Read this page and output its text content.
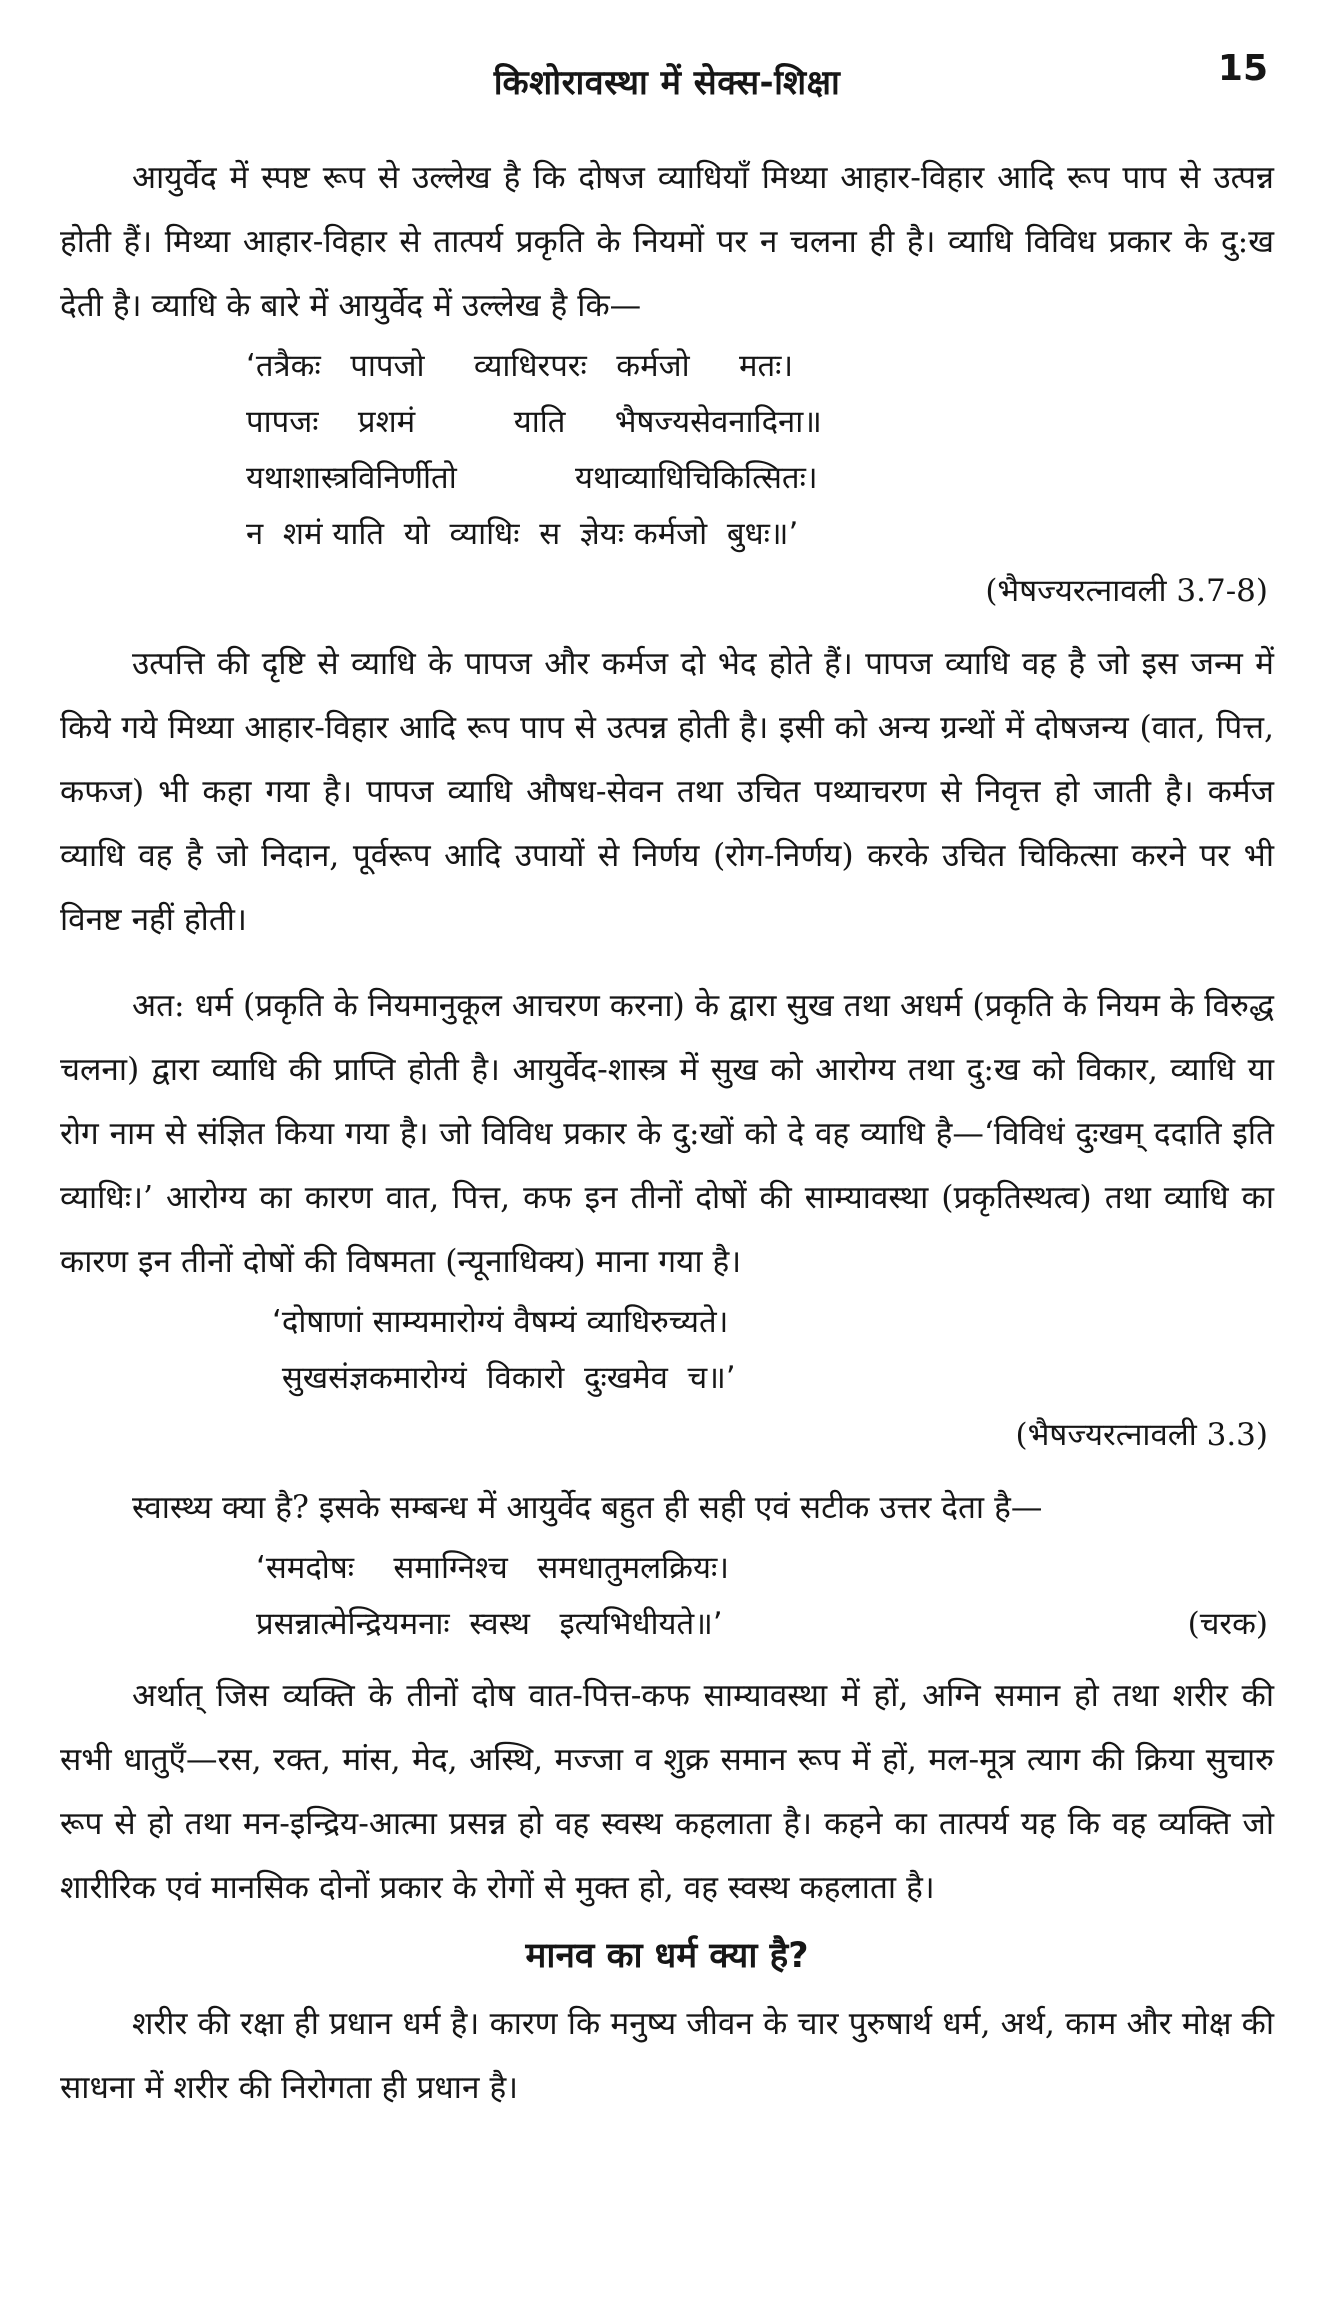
किशोरावस्था में सेक्स-शिक्षा	15

आयुर्वेद में स्पष्ट रूप से उल्लेख है कि दोषज व्याधियाँ मिथ्या आहार-विहार आदि रूप पाप से उत्पन्न होती हैं। मिथ्या आहार-विहार से तात्पर्य प्रकृति के नियमों पर न चलना ही है। व्याधि विविध प्रकार के दु:ख देती है। व्याधि के बारे में आयुर्वेद में उल्लेख है कि—

‘तत्रैकः   पापजो     व्याधिरपरः   कर्मजो     मतः।
पापजः    प्रशमं          याति     भैषज्यसेवनादिना॥
यथाशास्त्रविनिर्णीतो            यथाव्याधिचिकित्सितः।
न  शमं याति  यो  व्याधिः  स  ज्ञेयः कर्मजो  बुधः॥’

(भैषज्यरत्नावली 3.7-8)

उत्पत्ति की दृष्टि से व्याधि के पापज और कर्मज दो भेद होते हैं। पापज व्याधि वह है जो इस जन्म में किये गये मिथ्या आहार-विहार आदि रूप पाप से उत्पन्न होती है। इसी को अन्य ग्रन्थों में दोषजन्य (वात, पित्त, कफज) भी कहा गया है। पापज व्याधि औषध-सेवन तथा उचित पथ्याचरण से निवृत्त हो जाती है। कर्मज व्याधि वह है जो निदान, पूर्वरूप आदि उपायों से निर्णय (रोग-निर्णय) करके उचित चिकित्सा करने पर भी विनष्ट नहीं होती।

अत: धर्म (प्रकृति के नियमानुकूल आचरण करना) के द्वारा सुख तथा अधर्म (प्रकृति के नियम के विरुद्ध चलना) द्वारा व्याधि की प्राप्ति होती है। आयुर्वेद-शास्त्र में सुख को आरोग्य तथा दु:ख को विकार, व्याधि या रोग नाम से संज्ञित किया गया है। जो विविध प्रकार के दु:खों को दे वह व्याधि है—‘विविधं दुःखम् ददाति इति व्याधिः।’ आरोग्य का कारण वात, पित्त, कफ इन तीनों दोषों की साम्यावस्था (प्रकृतिस्थत्व) तथा व्याधि का कारण इन तीनों दोषों की विषमता (न्यूनाधिक्य) माना गया है।

‘दोषाणां साम्यमारोग्यं वैषम्यं व्याधिरुच्यते।
सुखसंज्ञकमारोग्यं  विकारो  दुःखमेव  च॥’

(भैषज्यरत्नावली 3.3)

स्वास्थ्य क्या है? इसके सम्बन्ध में आयुर्वेद बहुत ही सही एवं सटीक उत्तर देता है—

‘समदोषः    समाग्निश्च   समधातुमलक्रियः।
प्रसन्नात्मेन्द्रियमनाः  स्वस्थ   इत्यभिधीयते॥’	(चरक)

अर्थात् जिस व्यक्ति के तीनों दोष वात-पित्त-कफ साम्यावस्था में हों, अग्नि समान हो तथा शरीर की सभी धातुएँ—रस, रक्त, मांस, मेद, अस्थि, मज्जा व शुक्र समान रूप में हों, मल-मूत्र त्याग की क्रिया सुचारु रूप से हो तथा मन-इन्द्रिय-आत्मा प्रसन्न हो वह स्वस्थ कहलाता है। कहने का तात्पर्य यह कि वह व्यक्ति जो शारीरिक एवं मानसिक दोनों प्रकार के रोगों से मुक्त हो, वह स्वस्थ कहलाता है।

मानव का धर्म क्या है?

शरीर की रक्षा ही प्रधान धर्म है। कारण कि मनुष्य जीवन के चार पुरुषार्थ धर्म, अर्थ, काम और मोक्ष की साधना में शरीर की निरोगता ही प्रधान है।
